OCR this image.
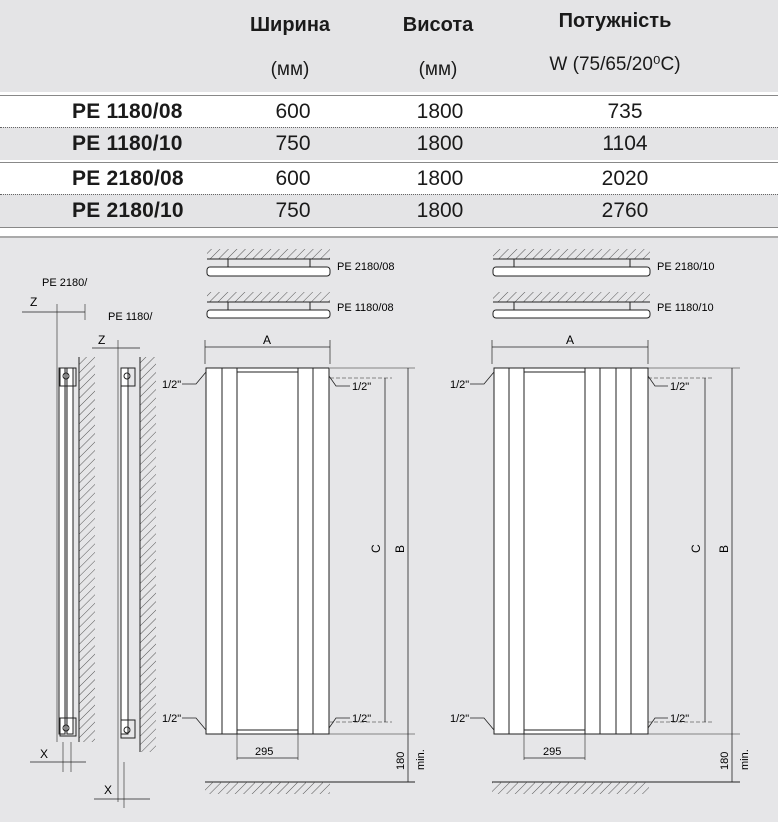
Ширина
(мм)
Висота
(мм)
Потужність
W (75/65/20⁰C)
PE 1180/08	600	1800	735
PE 1180/10	750	1800	1104
PE 2180/08	600	1800	2020
PE 2180/10	750	1800	2760
PE 2180/
PE 1180/
Z
Z
X
X
PE 2180/08
PE 1180/08
A
1/2"	1/2"
1/2"	1/2"
C B
295	180 min.
PE 2180/10
PE 1180/10
A
1/2"	1/2"
1/2"	1/2"
C B
295	180 min.
